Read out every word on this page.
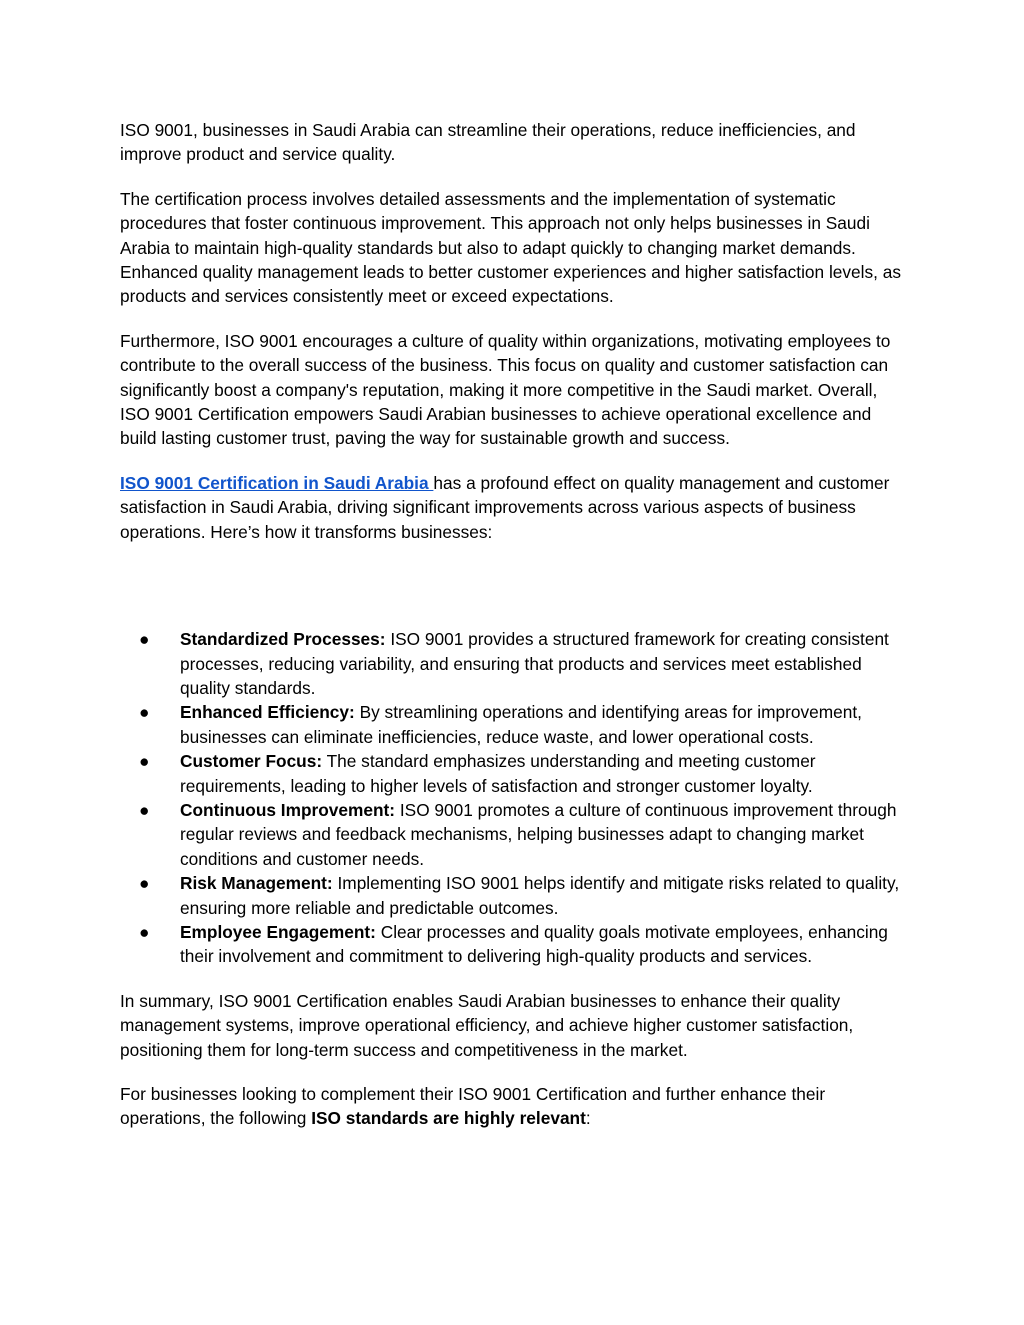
ISO 9001, businesses in Saudi Arabia can streamline their operations, reduce inefficiencies, and improve product and service quality.

The certification process involves detailed assessments and the implementation of systematic procedures that foster continuous improvement. This approach not only helps businesses in Saudi Arabia to maintain high-quality standards but also to adapt quickly to changing market demands. Enhanced quality management leads to better customer experiences and higher satisfaction levels, as products and services consistently meet or exceed expectations.

Furthermore, ISO 9001 encourages a culture of quality within organizations, motivating employees to contribute to the overall success of the business. This focus on quality and customer satisfaction can significantly boost a company's reputation, making it more competitive in the Saudi market. Overall, ISO 9001 Certification empowers Saudi Arabian businesses to achieve operational excellence and build lasting customer trust, paving the way for sustainable growth and success.

ISO 9001 Certification in Saudi Arabia has a profound effect on quality management and customer satisfaction in Saudi Arabia, driving significant improvements across various aspects of business operations. Here’s how it transforms businesses:

● Standardized Processes: ISO 9001 provides a structured framework for creating consistent processes, reducing variability, and ensuring that products and services meet established quality standards.
● Enhanced Efficiency: By streamlining operations and identifying areas for improvement, businesses can eliminate inefficiencies, reduce waste, and lower operational costs.
● Customer Focus: The standard emphasizes understanding and meeting customer requirements, leading to higher levels of satisfaction and stronger customer loyalty.
● Continuous Improvement: ISO 9001 promotes a culture of continuous improvement through regular reviews and feedback mechanisms, helping businesses adapt to changing market conditions and customer needs.
● Risk Management: Implementing ISO 9001 helps identify and mitigate risks related to quality, ensuring more reliable and predictable outcomes.
● Employee Engagement: Clear processes and quality goals motivate employees, enhancing their involvement and commitment to delivering high-quality products and services.

In summary, ISO 9001 Certification enables Saudi Arabian businesses to enhance their quality management systems, improve operational efficiency, and achieve higher customer satisfaction, positioning them for long-term success and competitiveness in the market.

For businesses looking to complement their ISO 9001 Certification and further enhance their operations, the following ISO standards are highly relevant:
